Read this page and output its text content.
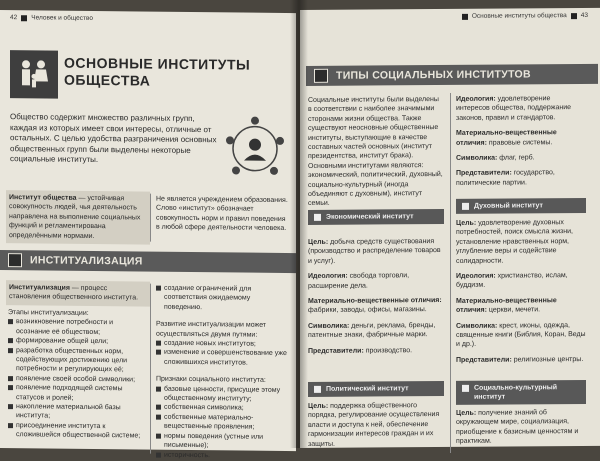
42 Человек и общество
ОСНОВНЫЕ ИНСТИТУТЫ ОБЩЕСТВА
Общество содержит множество различных групп, каждая из которых имеет свои интересы, отличные от остальных. С целью удобства разграничения основных общественных групп были выделены некоторые социальные институты.
Институт общества — устойчивая совокупность людей, чья деятельность направлена на выполнение социальных функций и регламентирована определёнными нормами.
Не является учреждением образования. Слово «институт» обозначает совокупность норм и правил поведения в любой сфере деятельности человека.
ИНСТИТУАЛИЗАЦИЯ
Институализация — процесс становления общественного института.
Этапы институализации:
возникновение потребности и осознание её обществом;
формирование общей цели;
разработка общественных норм, содействующих достижению цели потребности и регулирующих её;
появление своей особой символики;
появление подходящей системы статусов и ролей;
накопление материальной базы института;
присоединение института к сложившейся общественной системе;
создание ограничений для соответствия ожидаемому поведению.
Развитие институализации может осуществляться двумя путями:
создание новых институтов;
изменение и совершенствование уже сложившихся институтов.
Признаки социального института:
базовые ценности, присущие этому общественному институту;
собственная символика;
собственные материально-вещественные проявления;
нормы поведения (устные или письменные);
историчность.
Основные институты общества 43
ТИПЫ СОЦИАЛЬНЫХ ИНСТИТУТОВ
Социальные институты были выделены в соответствии с наиболее значимыми сторонами жизни общества. Также существуют неосновные общественные институты, выступающие в качестве составных частей основных (институт президентства, институт брака). Основными институтами являются: экономический, политический, духовный, социально-культурный (иногда объединяют с духовным), институт семьи.
Экономический институт
Цель: добыча средств существования (производство и распределение товаров и услуг).
Идеология: свобода торговли, расширение дела.
Материально-вещественные отличия: фабрики, заводы, офисы, магазины.
Символика: деньги, реклама, бренды, патентные знаки, фабричные марки.
Представители: производство.
Политический институт
Цель: поддержка общественного порядка, регулирование осуществления власти и доступа к ней, обеспечение гармонизации интересов граждан и их защиты.
Идеология: удовлетворение интересов общества, поддержание законов, правил и стандартов.
Материально-вещественные отличия: правовые системы.
Символика: флаг, герб.
Представители: государство, политические партии.
Духовный институт
Цель: удовлетворение духовных потребностей, поиск смысла жизни, установление нравственных норм, углубление веры и содействие солидарности.
Идеология: христианство, ислам, буддизм.
Материально-вещественные отличия: церкви, мечети.
Символика: крест, иконы, одежда, священные книги (Библия, Коран, Веды и др.).
Представители: религиозные центры.
Социально-культурный институт
Цель: получение знаний об окружающем мире, социализация, приобщение к базисным ценностям и практикам.
